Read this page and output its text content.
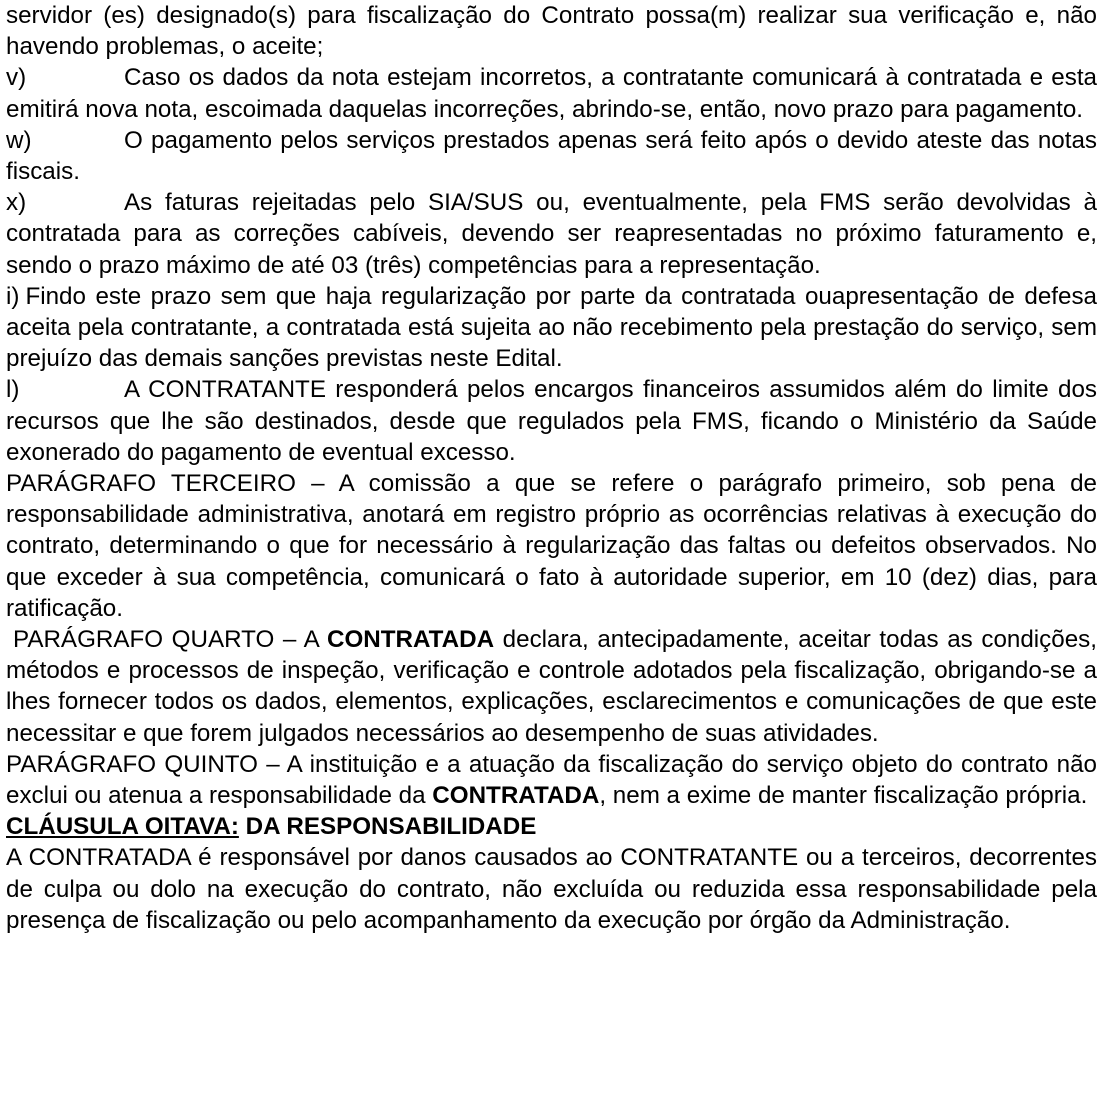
servidor (es) designado(s) para fiscalização do Contrato possa(m) realizar sua verificação e, não havendo problemas, o aceite;

v)	Caso os dados da nota estejam incorretos, a contratante comunicará à contratada e esta emitirá nova nota, escoimada daquelas incorreções, abrindo-se, então, novo prazo para pagamento.

w)	O pagamento pelos serviços prestados apenas será feito após o devido ateste das notas fiscais.

x)	As faturas rejeitadas pelo SIA/SUS ou, eventualmente, pela FMS serão devolvidas à contratada para as correções cabíveis, devendo ser reapresentadas no próximo faturamento e, sendo o prazo máximo de até 03 (três) competências para a representação.

i) Findo este prazo sem que haja regularização por parte da contratada ouapresentação de defesa aceita pela contratante, a contratada está sujeita ao não recebimento pela prestação do serviço, sem prejuízo das demais sanções previstas neste Edital.

l)	A CONTRATANTE responderá pelos encargos financeiros assumidos além do limite dos recursos que lhe são destinados, desde que regulados pela FMS, ficando o Ministério da Saúde exonerado do pagamento de eventual excesso.

PARÁGRAFO TERCEIRO – A comissão a que se refere o parágrafo primeiro, sob pena de responsabilidade administrativa, anotará em registro próprio as ocorrências relativas à execução do contrato, determinando o que for necessário à regularização das faltas ou defeitos observados. No que exceder à sua competência, comunicará o fato à autoridade superior, em 10 (dez) dias, para ratificação.

PARÁGRAFO QUARTO – A CONTRATADA declara, antecipadamente, aceitar todas as condições, métodos e processos de inspeção, verificação e controle adotados pela fiscalização, obrigando-se a lhes fornecer todos os dados, elementos, explicações, esclarecimentos e comunicações de que este necessitar e que forem julgados necessários ao desempenho de suas atividades.

PARÁGRAFO QUINTO – A instituição e a atuação da fiscalização do serviço objeto do contrato não exclui ou atenua a responsabilidade da CONTRATADA, nem a exime de manter fiscalização própria.

CLÁUSULA OITAVA: DA RESPONSABILIDADE

A CONTRATADA é responsável por danos causados ao CONTRATANTE ou a terceiros, decorrentes de culpa ou dolo na execução do contrato, não excluída ou reduzida essa responsabilidade pela presença de fiscalização ou pelo acompanhamento da execução por órgão da Administração.
